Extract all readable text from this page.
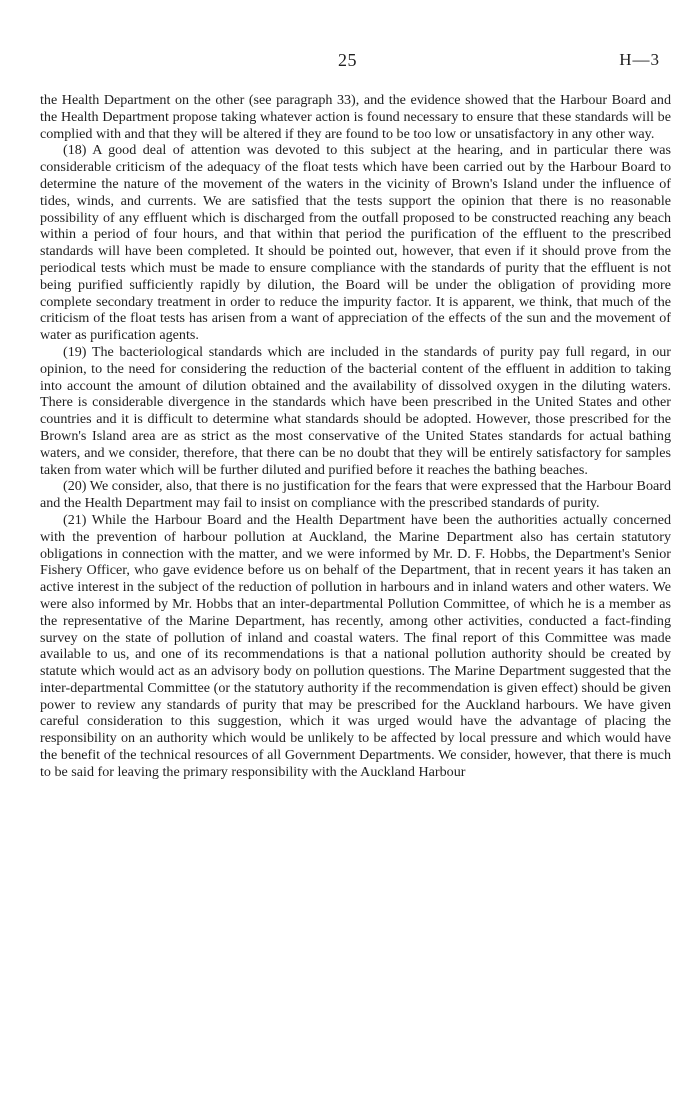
25	H—3

the Health Department on the other (see paragraph 33), and the evidence showed that the Harbour Board and the Health Department propose taking whatever action is found necessary to ensure that these standards will be complied with and that they will be altered if they are found to be too low or unsatisfactory in any other way.

(18) A good deal of attention was devoted to this subject at the hearing, and in particular there was considerable criticism of the adequacy of the float tests which have been carried out by the Harbour Board to determine the nature of the movement of the waters in the vicinity of Brown's Island under the influence of tides, winds, and currents. We are satisfied that the tests support the opinion that there is no reasonable possibility of any effluent which is discharged from the outfall proposed to be constructed reaching any beach within a period of four hours, and that within that period the purification of the effluent to the prescribed standards will have been completed. It should be pointed out, however, that even if it should prove from the periodical tests which must be made to ensure compliance with the standards of purity that the effluent is not being purified sufficiently rapidly by dilution, the Board will be under the obligation of providing more complete secondary treatment in order to reduce the impurity factor. It is apparent, we think, that much of the criticism of the float tests has arisen from a want of appreciation of the effects of the sun and the movement of water as purification agents.

(19) The bacteriological standards which are included in the standards of purity pay full regard, in our opinion, to the need for considering the reduction of the bacterial content of the effluent in addition to taking into account the amount of dilution obtained and the availability of dissolved oxygen in the diluting waters. There is considerable divergence in the standards which have been prescribed in the United States and other countries and it is difficult to determine what standards should be adopted. However, those prescribed for the Brown's Island area are as strict as the most conservative of the United States standards for actual bathing waters, and we consider, therefore, that there can be no doubt that they will be entirely satisfactory for samples taken from water which will be further diluted and purified before it reaches the bathing beaches.

(20) We consider, also, that there is no justification for the fears that were expressed that the Harbour Board and the Health Department may fail to insist on compliance with the prescribed standards of purity.

(21) While the Harbour Board and the Health Department have been the authorities actually concerned with the prevention of harbour pollution at Auckland, the Marine Department also has certain statutory obligations in connection with the matter, and we were informed by Mr. D. F. Hobbs, the Department's Senior Fishery Officer, who gave evidence before us on behalf of the Department, that in recent years it has taken an active interest in the subject of the reduction of pollution in harbours and in inland waters and other waters. We were also informed by Mr. Hobbs that an inter-departmental Pollution Committee, of which he is a member as the representative of the Marine Department, has recently, among other activities, conducted a fact-finding survey on the state of pollution of inland and coastal waters. The final report of this Committee was made available to us, and one of its recommendations is that a national pollution authority should be created by statute which would act as an advisory body on pollution questions. The Marine Department suggested that the inter-departmental Committee (or the statutory authority if the recommendation is given effect) should be given power to review any standards of purity that may be prescribed for the Auckland harbours. We have given careful consideration to this suggestion, which it was urged would have the advantage of placing the responsibility on an authority which would be unlikely to be affected by local pressure and which would have the benefit of the technical resources of all Government Departments. We consider, however, that there is much to be said for leaving the primary responsibility with the Auckland Harbour
